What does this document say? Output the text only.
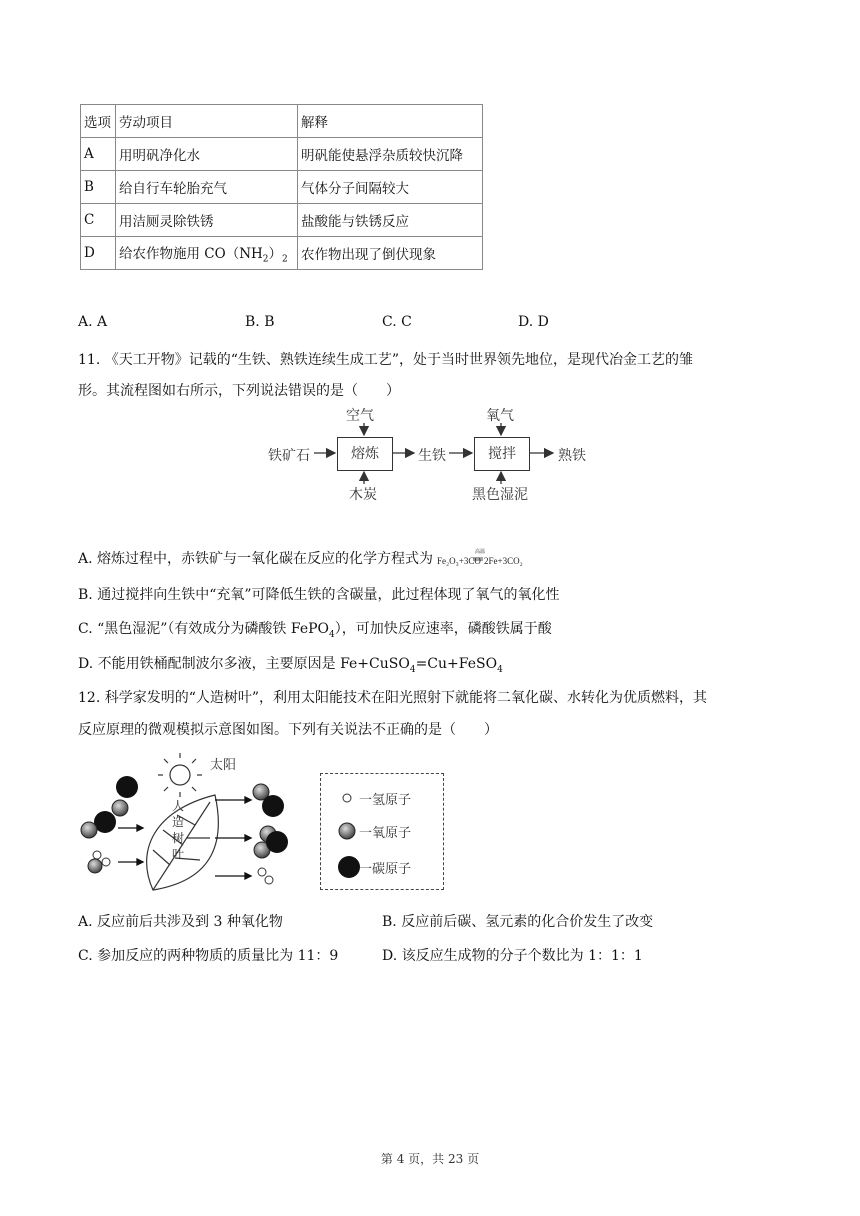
选项	劳动项目	解释
A	用明矾净化水	明矾能使悬浮杂质较快沉降
B	给自行车轮胎充气	气体分子间隔较大
C	用洁厕灵除铁锈	盐酸能与铁锈反应
D	给农作物施用 $CO(NH_2)_2$	农作物出现了倒伏现象
A. A	B. B	C. C	D. D
11. 《天工开物》记载的“生铁、熟铁连续生成工艺”，处于当时世界领先地位，是现代冶金工艺的雏
形。其流程图如右所示，下列说法错误的是（　　）
铁矿石
空气
熔炼
木炭
生铁
氧气
搅拌
黑色湿泥
熟铁
A. 熔炼过程中，赤铁矿与一氧化碳在反应的化学方程式为 Fe₂O₃+3CO
高温
2Fe+3CO₂
B. 通过搅拌向生铁中“充氧”可降低生铁的含碳量，此过程体现了氧气的氧化性
C. “黑色湿泥”（有效成分为磷酸铁 FePO$_4$），可加快反应速率，磷酸铁属于酸
D. 不能用铁桶配制波尔多液，主要原因是 Fe+CuSO$_4$=Cu+FeSO$_4$
12. 科学家发明的“人造树叶”，利用太阳能技术在阳光照射下就能将二氧化碳、水转化为优质燃料，其
反应原理的微观模拟示意图如图。下列有关说法不正确的是（　　）
太阳
人
造
树
叶
一氢原子
一氧原子
一碳原子
A. 反应前后共涉及到 3 种氧化物	B. 反应前后碳、氢元素的化合价发生了改变
C. 参加反应的两种物质的质量比为 11：9	D. 该反应生成物的分子个数比为 1：1：1
第 4 页，共 23 页
